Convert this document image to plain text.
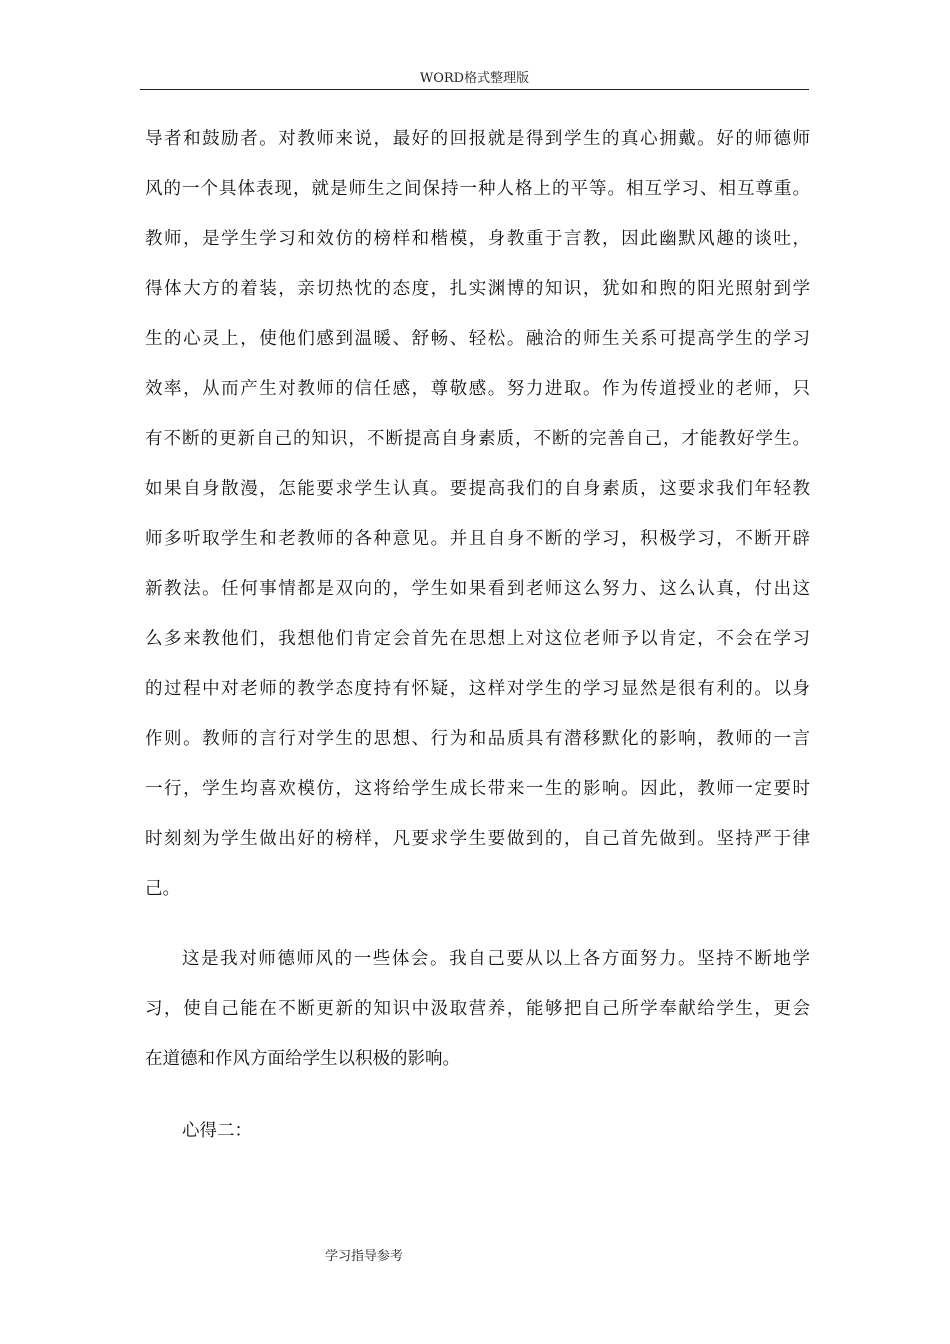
WORD格式整理版
导者和鼓励者。对教师来说，最好的回报就是得到学生的真心拥戴。好的师德师
风的一个具体表现，就是师生之间保持一种人格上的平等。相互学习、相互尊重。
教师，是学生学习和效仿的榜样和楷模，身教重于言教，因此幽默风趣的谈吐，
得体大方的着装，亲切热忱的态度，扎实渊博的知识，犹如和煦的阳光照射到学
生的心灵上，使他们感到温暖、舒畅、轻松。融洽的师生关系可提高学生的学习
效率，从而产生对教师的信任感，尊敬感。努力进取。作为传道授业的老师，只
有不断的更新自己的知识，不断提高自身素质，不断的完善自己，才能教好学生。
如果自身散漫，怎能要求学生认真。要提高我们的自身素质，这要求我们年轻教
师多听取学生和老教师的各种意见。并且自身不断的学习，积极学习，不断开辟
新教法。任何事情都是双向的，学生如果看到老师这么努力、这么认真，付出这
么多来教他们，我想他们肯定会首先在思想上对这位老师予以肯定，不会在学习
的过程中对老师的教学态度持有怀疑，这样对学生的学习显然是很有利的。以身
作则。教师的言行对学生的思想、行为和品质具有潜移默化的影响，教师的一言
一行，学生均喜欢模仿，这将给学生成长带来一生的影响。因此，教师一定要时
时刻刻为学生做出好的榜样，凡要求学生要做到的，自己首先做到。坚持严于律
己。
这是我对师德师风的一些体会。我自己要从以上各方面努力。坚持不断地学
习，使自己能在不断更新的知识中汲取营养，能够把自己所学奉献给学生，更会
在道德和作风方面给学生以积极的影响。
心得二：
学习指导参考
